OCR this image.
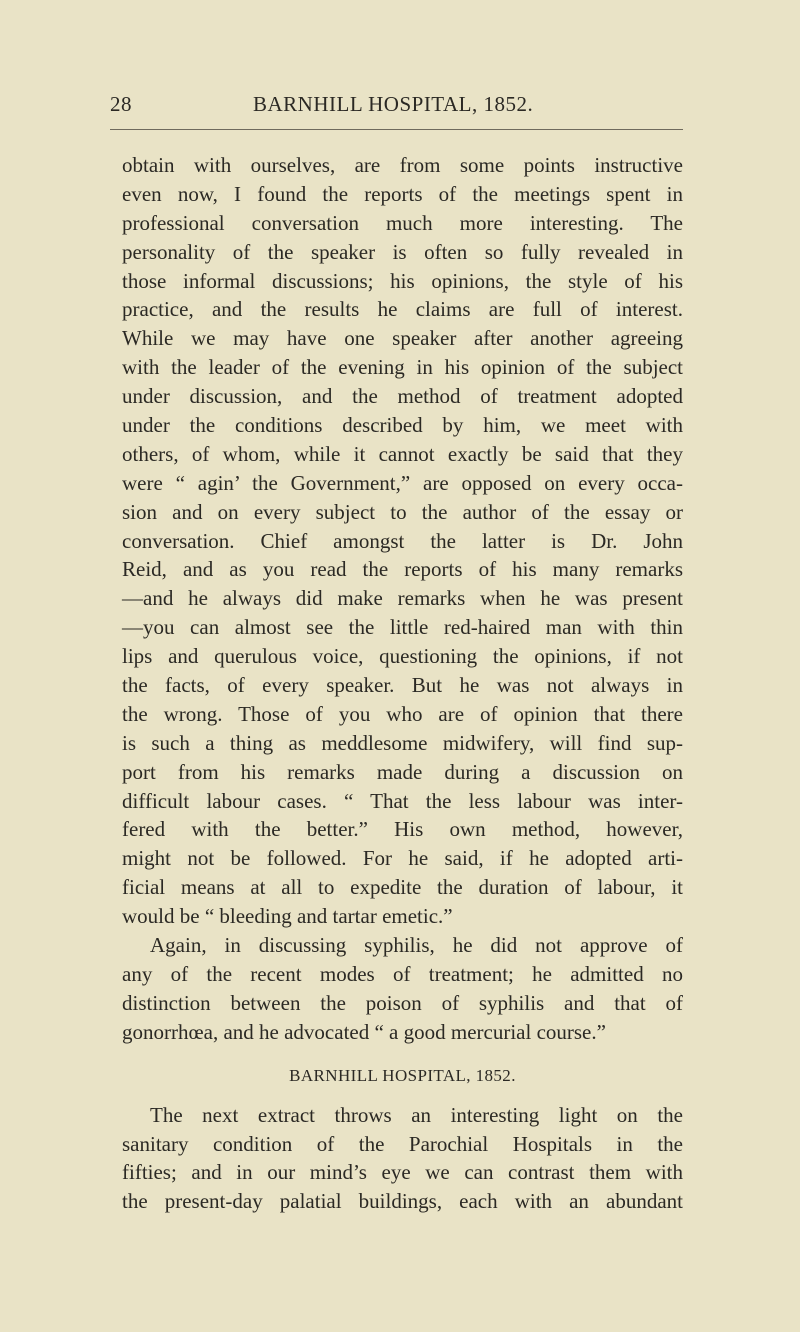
28	BARNHILL HOSPITAL, 1852.
obtain with ourselves, are from some points instructive
even now, I found the reports of the meetings spent in
professional conversation much more interesting. The
personality of the speaker is often so fully revealed in
those informal discussions; his opinions, the style of his
practice, and the results he claims are full of interest.
While we may have one speaker after another agreeing
with the leader of the evening in his opinion of the subject
under discussion, and the method of treatment adopted
under the conditions described by him, we meet with
others, of whom, while it cannot exactly be said that they
were “ agin’ the Government,” are opposed on every occa-
sion and on every subject to the author of the essay or
conversation. Chief amongst the latter is Dr. John
Reid, and as you read the reports of his many remarks
—and he always did make remarks when he was present
—you can almost see the little red-haired man with thin
lips and querulous voice, questioning the opinions, if not
the facts, of every speaker. But he was not always in
the wrong. Those of you who are of opinion that there
is such a thing as meddlesome midwifery, will find sup-
port from his remarks made during a discussion on
difficult labour cases. “ That the less labour was inter-
fered with the better.” His own method, however,
might not be followed. For he said, if he adopted arti-
ficial means at all to expedite the duration of labour, it
would be “ bleeding and tartar emetic.”
Again, in discussing syphilis, he did not approve of
any of the recent modes of treatment; he admitted no
distinction between the poison of syphilis and that of
gonorrhœa, and he advocated “ a good mercurial course.”
BARNHILL HOSPITAL, 1852.
The next extract throws an interesting light on the
sanitary condition of the Parochial Hospitals in the
fifties; and in our mind’s eye we can contrast them with
the present-day palatial buildings, each with an abundant
